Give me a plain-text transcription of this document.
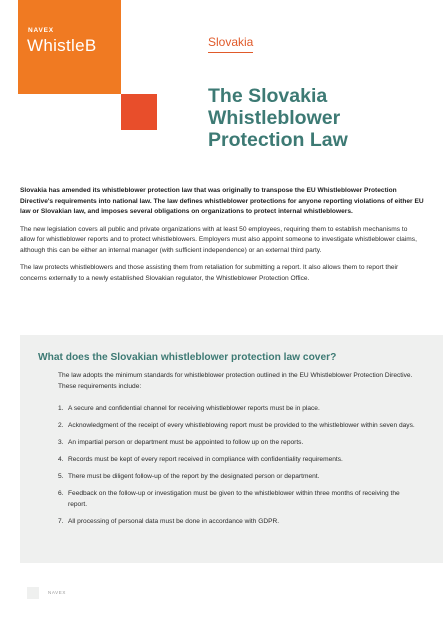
NAVEX
WhistleB	Slovakia
The Slovakia Whistleblower Protection Law

Slovakia has amended its whistleblower protection law that was originally to transpose the EU Whistleblower Protection Directive's requirements into national law. The law defines whistleblower protections for anyone reporting violations of either EU law or Slovakian law, and imposes several obligations on organizations to protect internal whistleblowers.

The new legislation covers all public and private organizations with at least 50 employees, requiring them to establish mechanisms to allow for whistleblower reports and to protect whistleblowers. Employers must also appoint someone to investigate whistleblower claims, although this can be either an internal manager (with sufficient independence) or an external third party.

The law protects whistleblowers and those assisting them from retaliation for submitting a report. It also allows them to report their concerns externally to a newly established Slovakian regulator, the Whistleblower Protection Office.

What does the Slovakian whistleblower protection law cover?

The law adopts the minimum standards for whistleblower protection outlined in the EU Whistleblower Protection Directive. These requirements include:

1. A secure and confidential channel for receiving whistleblower reports must be in place.
2. Acknowledgment of the receipt of every whistleblowing report must be provided to the whistleblower within seven days.
3. An impartial person or department must be appointed to follow up on the reports.
4. Records must be kept of every report received in compliance with confidentiality requirements.
5. There must be diligent follow-up of the report by the designated person or department.
6. Feedback on the follow-up or investigation must be given to the whistleblower within three months of receiving the report.
7. All processing of personal data must be done in accordance with GDPR.
NAVEX
